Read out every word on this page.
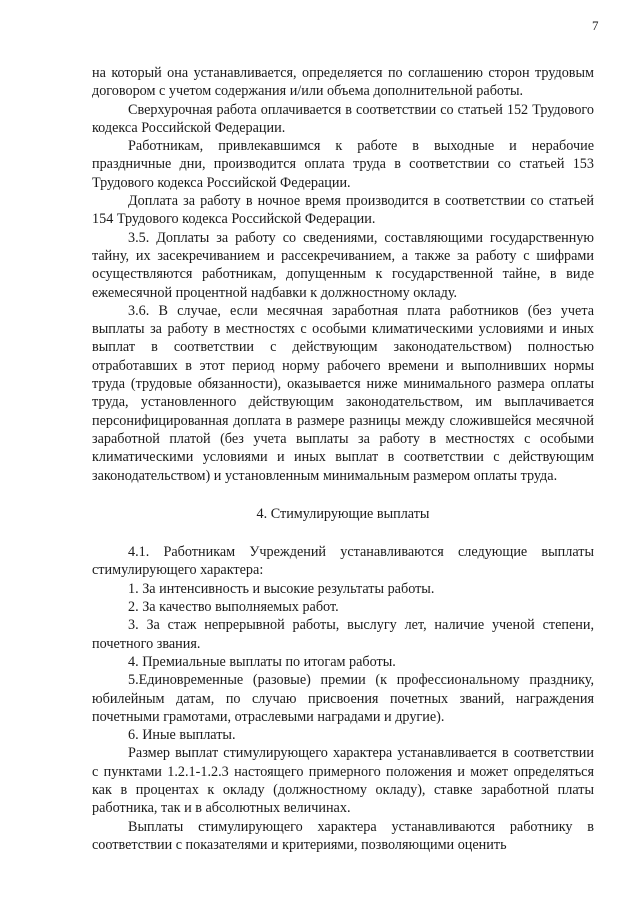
7

на который она устанавливается, определяется по соглашению сторон трудовым договором с учетом содержания и/или объема дополнительной работы.

Сверхурочная работа оплачивается в соответствии со статьей 152 Трудового кодекса Российской Федерации.

Работникам, привлекавшимся к работе в выходные и нерабочие праздничные дни, производится оплата труда в соответствии со статьей 153 Трудового кодекса Российской Федерации.

Доплата за работу в ночное время производится в соответствии со статьей 154 Трудового кодекса Российской Федерации.

3.5. Доплаты за работу со сведениями, составляющими государственную тайну, их засекречиванием и рассекречиванием, а также за работу с шифрами осуществляются работникам, допущенным к государственной тайне, в виде ежемесячной процентной надбавки к должностному окладу.

3.6. В случае, если месячная заработная плата работников (без учета выплаты за работу в местностях с особыми климатическими условиями и иных выплат в соответствии с действующим законодательством) полностью отработавших в этот период норму рабочего времени и выполнивших нормы труда (трудовые обязанности), оказывается ниже минимального размера оплаты труда, установленного действующим законодательством, им выплачивается персонифицированная доплата в размере разницы между сложившейся месячной заработной платой (без учета выплаты за работу в местностях с особыми климатическими условиями и иных выплат в соответствии с действующим законодательством) и установленным минимальным размером оплаты труда.

4. Стимулирующие выплаты

4.1. Работникам Учреждений устанавливаются следующие выплаты стимулирующего характера:

1. За интенсивность и высокие результаты работы.

2. За качество выполняемых работ.

3. За стаж непрерывной работы, выслугу лет, наличие ученой степени, почетного звания.

4. Премиальные выплаты по итогам работы.

5.Единовременные (разовые) премии (к профессиональному празднику, юбилейным датам, по случаю присвоения почетных званий, награждения почетными грамотами, отраслевыми наградами и другие).

6. Иные выплаты.

Размер выплат стимулирующего характера устанавливается в соответствии с пунктами 1.2.1-1.2.3 настоящего примерного положения и может определяться как в процентах к окладу (должностному окладу), ставке заработной платы работника, так и в абсолютных величинах.

Выплаты стимулирующего характера устанавливаются работнику в соответствии с показателями и критериями, позволяющими оценить
